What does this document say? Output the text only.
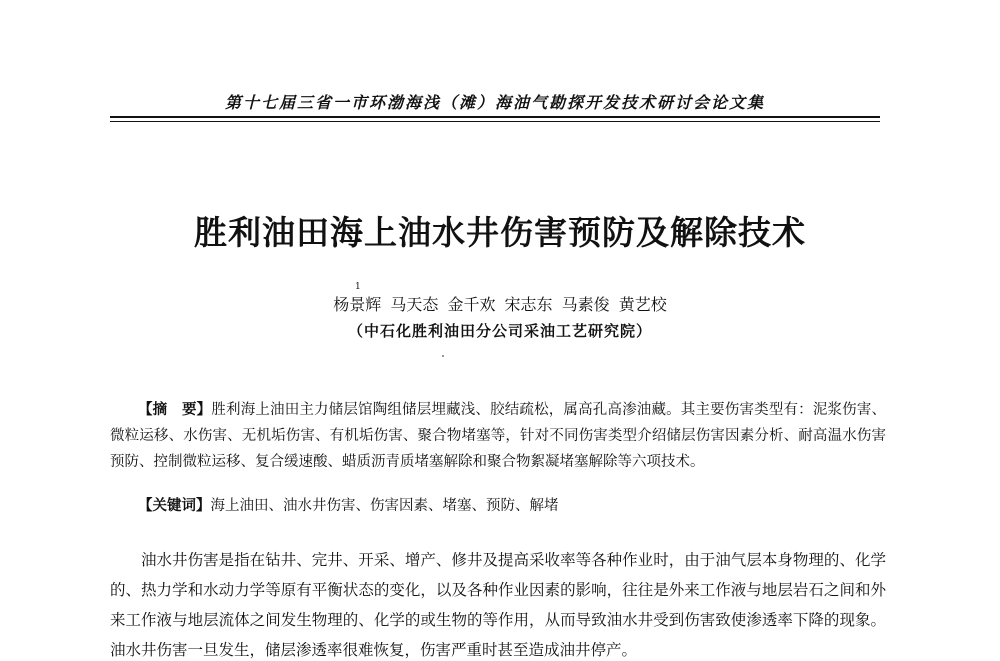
第十七届三省一市环渤海浅（滩）海油气勘探开发技术研讨会论文集
胜利油田海上油水井伤害预防及解除技术
1
杨景辉 马天态 金千欢 宋志东 马素俊 黄艺校
（中石化胜利油田分公司采油工艺研究院）
【摘　要】胜利海上油田主力储层馆陶组储层埋藏浅、胶结疏松，属高孔高渗油藏。其主要伤害类型有：泥浆伤害、微粒运移、水伤害、无机垢伤害、有机垢伤害、聚合物堵塞等，针对不同伤害类型介绍储层伤害因素分析、耐高温水伤害预防、控制微粒运移、复合缓速酸、蜡质沥青质堵塞解除和聚合物絮凝堵塞解除等六项技术。
【关键词】海上油田、油水井伤害、伤害因素、堵塞、预防、解堵
油水井伤害是指在钻井、完井、开采、增产、修井及提高采收率等各种作业时，由于油气层本身物理的、化学的、热力学和水动力学等原有平衡状态的变化，以及各种作业因素的影响，往往是外来工作液与地层岩石之间和外来工作液与地层流体之间发生物理的、化学的或生物的等作用，从而导致油水井受到伤害致使渗透率下降的现象。油水井伤害一旦发生，储层渗透率很难恢复，伤害严重时甚至造成油井停产。
